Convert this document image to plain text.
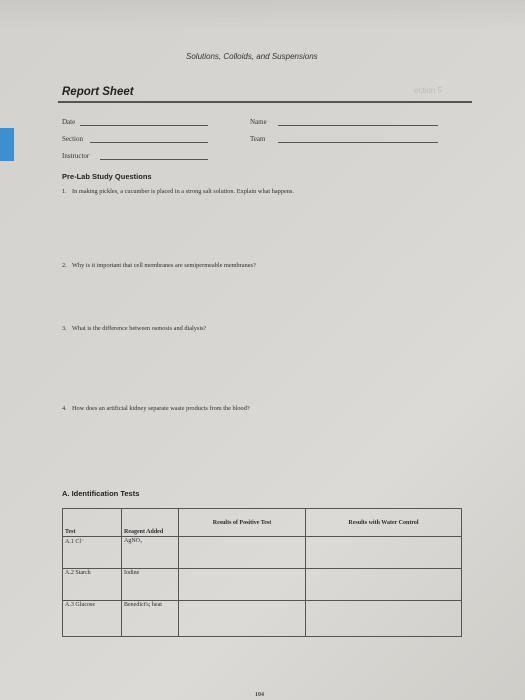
Solutions, Colloids, and Suspensions
Report Sheet	ection 5
Date
Section
Instructor
Name
Team
Pre-Lab Study Questions
1. In making pickles, a cucumber is placed in a strong salt solution. Explain what happens.
2. Why is it important that cell membranes are semipermeable membranes?
3. What is the difference between osmosis and dialysis?
4. How does an artificial kidney separate waste products from the blood?
A. Identification Tests
Test	Reagent Added	Results of Positive Test	Results with Water Control
A.1 Cl⁻	AgNO₃		
A.2 Starch	Iodine		
A.3 Glucose	Benedict's; heat		
104
